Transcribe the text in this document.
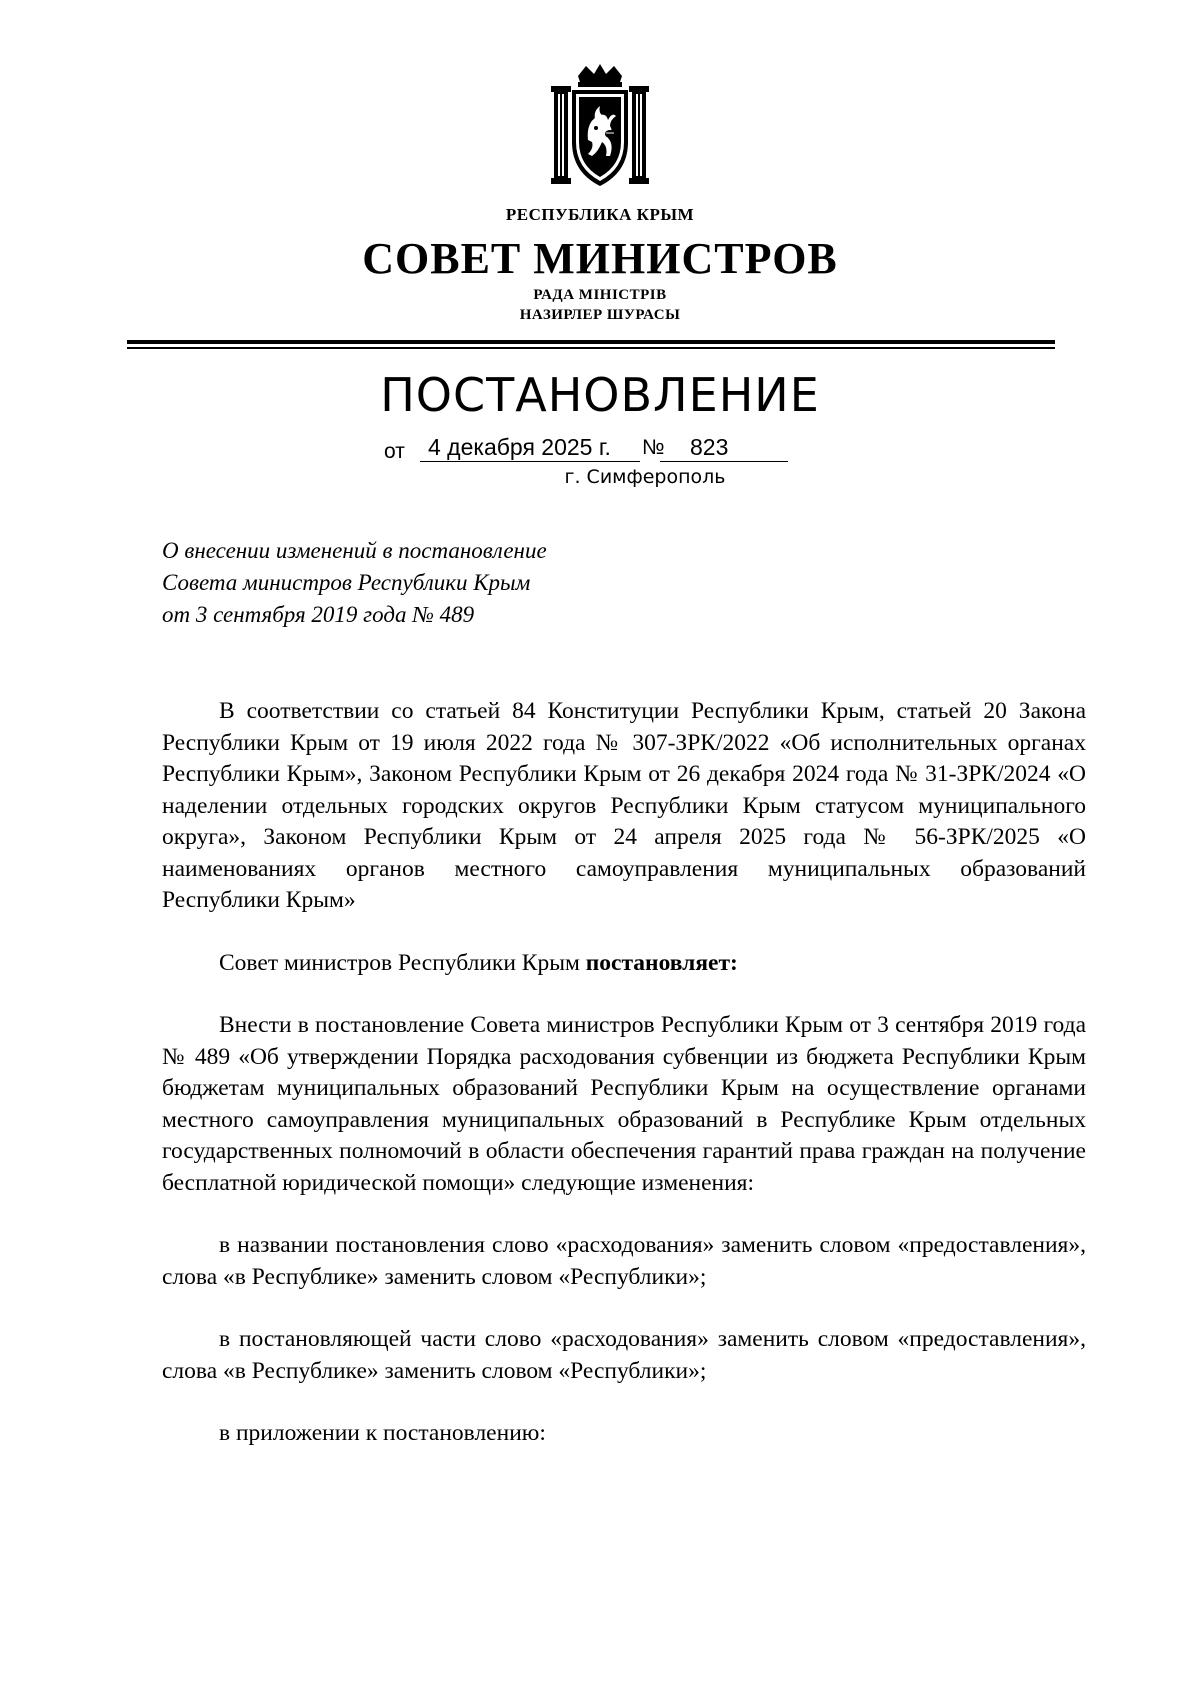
РЕСПУБЛИКА КРЫМ
СОВЕТ МИНИСТРОВ
РАДА МІНІСТРІВ
НАЗИРЛЕР ШУРАСЫ
ПОСТАНОВЛЕНИЕ
от	4 декабря 2025 г.	№	823
г. Симферополь
О внесении изменений в постановление
Совета министров Республики Крым
от 3 сентября 2019 года № 489

В соответствии со статьей 84 Конституции Республики Крым, статьей 20 Закона Республики Крым от 19 июля 2022 года № 307-ЗРК/2022 «Об исполнительных органах Республики Крым», Законом Республики Крым от 26 декабря 2024 года № 31-ЗРК/2024 «О наделении отдельных городских округов Республики Крым статусом муниципального округа», Законом Республики Крым от 24 апреля 2025 года № 56-ЗРК/2025 «О наименованиях органов местного самоуправления муниципальных образований Республики Крым»

Совет министров Республики Крым постановляет:

Внести в постановление Совета министров Республики Крым от 3 сентября 2019 года № 489 «Об утверждении Порядка расходования субвенции из бюджета Республики Крым бюджетам муниципальных образований Республики Крым на осуществление органами местного самоуправления муниципальных образований в Республике Крым отдельных государственных полномочий в области обеспечения гарантий права граждан на получение бесплатной юридической помощи» следующие изменения:

в названии постановления слово «расходования» заменить словом «предоставления», слова «в Республике» заменить словом «Республики»;

в постановляющей части слово «расходования» заменить словом «предоставления», слова «в Республике» заменить словом «Республики»;

в приложении к постановлению:
